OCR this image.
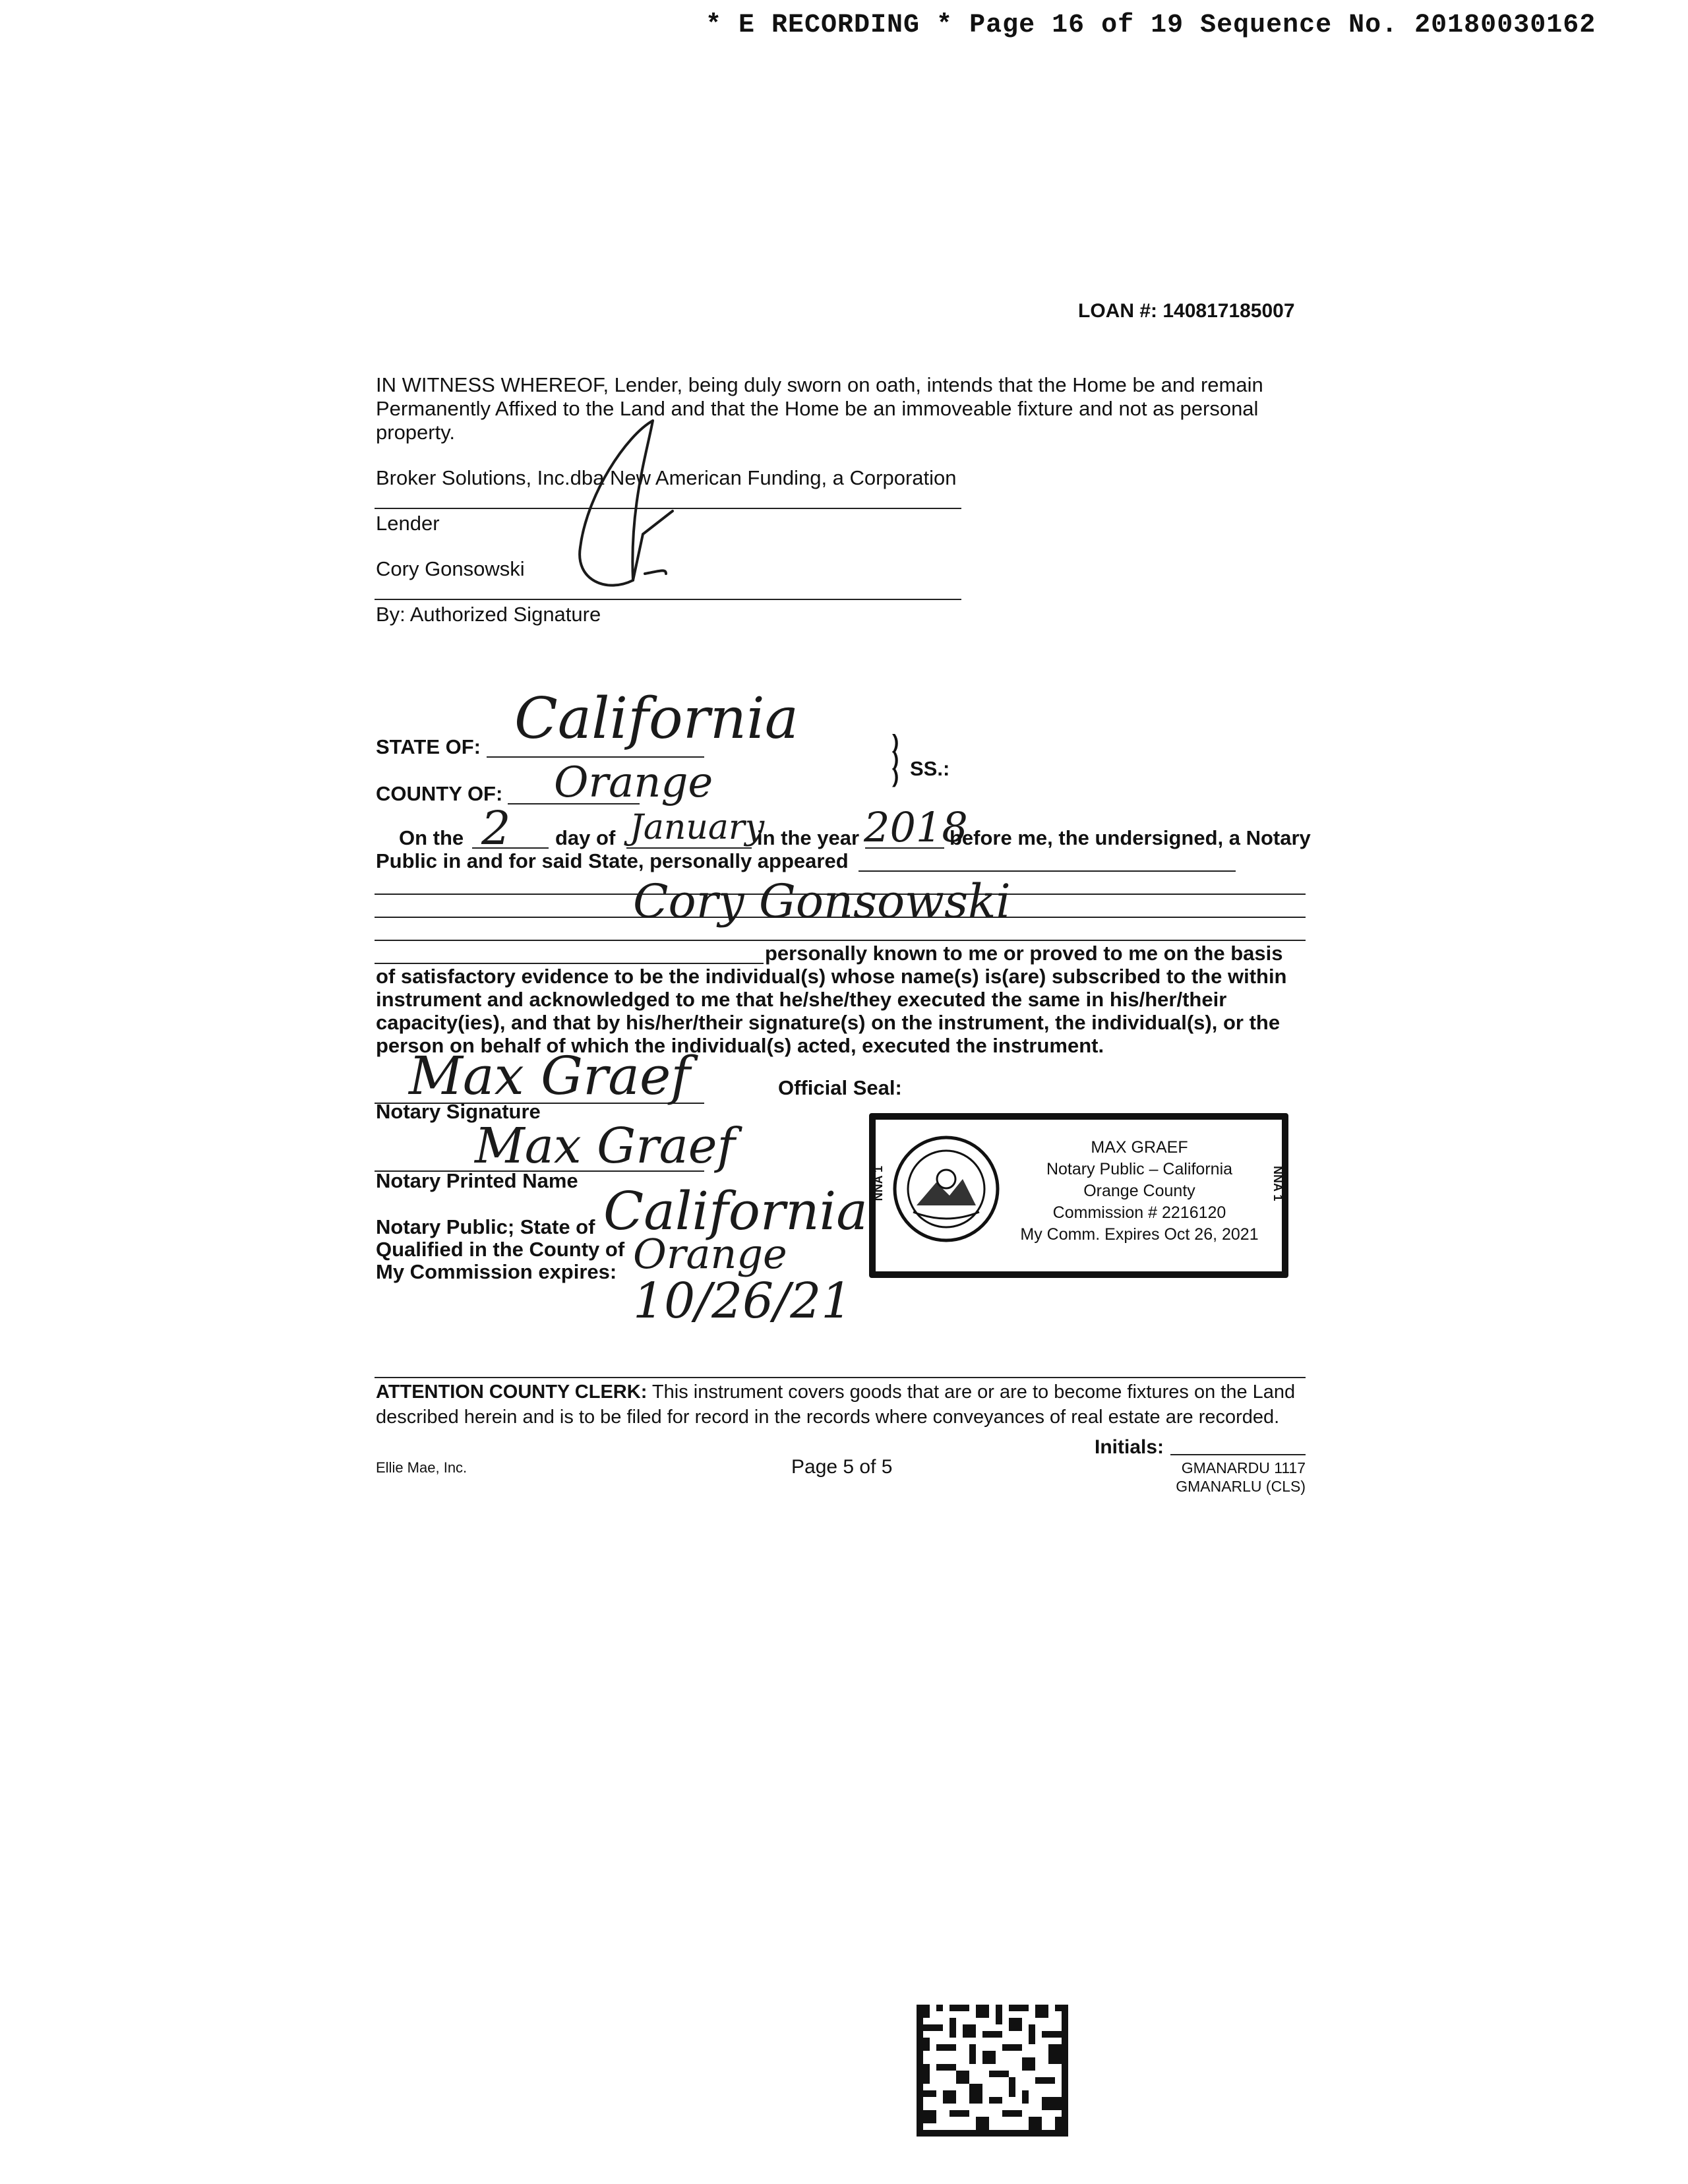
* E RECORDING * Page 16 of 19 Sequence No. 20180030162
LOAN #: 140817185007
IN WITNESS WHEREOF, Lender, being duly sworn on oath, intends that the Home be and remain
Permanently Affixed to the Land and that the Home be an immoveable fixture and not as personal
property.
Broker Solutions, Inc.dba New American Funding, a Corporation
Lender
Cory Gonsowski
By: Authorized Signature
STATE OF: California	)
)
) SS.:
COUNTY OF: Orange
On the 2 day of January
in the year 2018
before me, the undersigned, a Notary
Public in and for said State, personally appeared
Cory Gonsowski
personally known to me or proved to me on the basis
of satisfactory evidence to be the individual(s) whose name(s) is(are) subscribed to the within
instrument and acknowledged to me that he/she/they executed the same in his/her/their
capacity(ies), and that by his/her/their signature(s) on the instrument, the individual(s), or the
person on behalf of which the individual(s) acted, executed the instrument.
Max Graef
Notary Signature
Official Seal:
Max Graef
Notary Printed Name
Notary Public; State of California
Qualified in the County of Orange
My Commission expires:
10/26/21
NNA 1	NNA 1
MAX GRAEF
Notary Public – California
Orange County
Commission # 2216120
My Comm. Expires Oct 26, 2021
ATTENTION COUNTY CLERK: This instrument covers goods that are or are to become fixtures on the Land
described herein and is to be filed for record in the records where conveyances of real estate are recorded.
Initials:
Ellie Mae, Inc.	Page 5 of 5	GMANARDU 1117
GMANARLU (CLS)
